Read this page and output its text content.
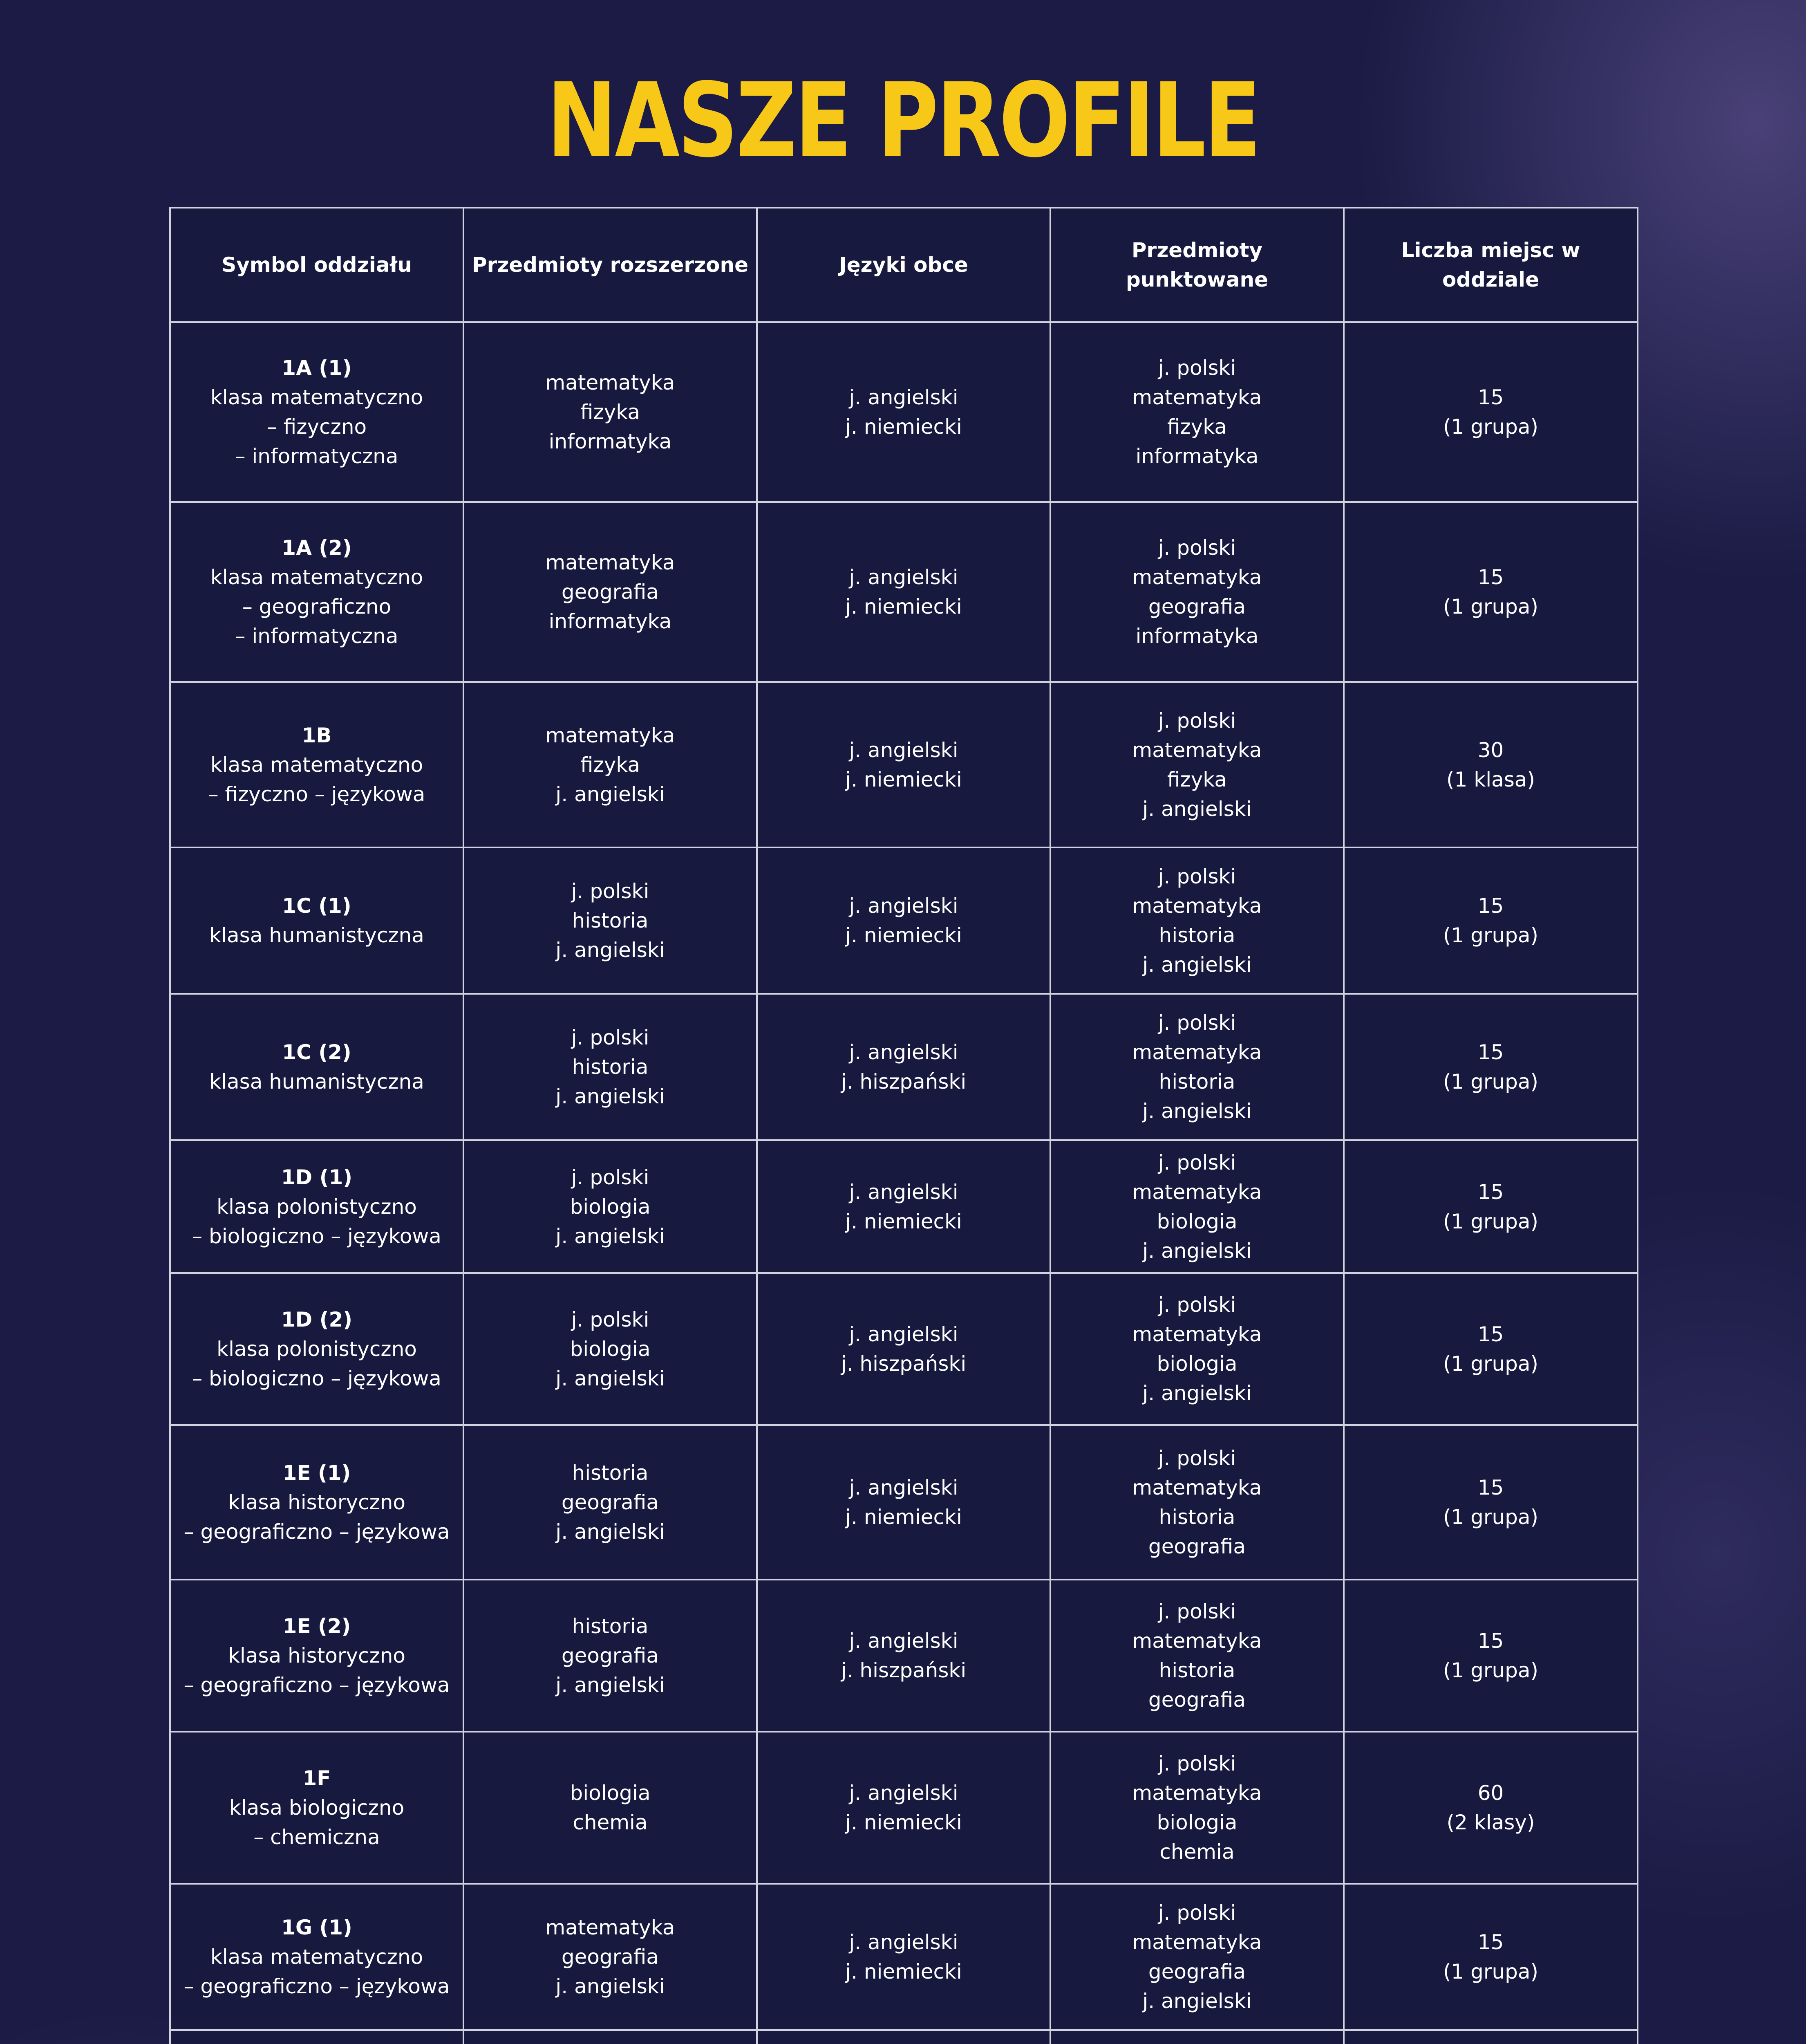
NASZE PROFILE
Symbol oddziału	Przedmioty rozszerzone	Języki obce	Przedmioty punktowane	Liczba miejsc w oddziale

1A (1)
klasa matematyczno
– fizyczno
– informatyczna	matematyka
fizyka
informatyka	j. angielski
j. niemiecki	j. polski
matematyka
fizyka
informatyka	15
(1 grupa)

1A (2)
klasa matematyczno
– geograficzno
– informatyczna	matematyka
geografia
informatyka	j. angielski
j. niemiecki	j. polski
matematyka
geografia
informatyka	15
(1 grupa)

1B
klasa matematyczno
– fizyczno – językowa	matematyka
fizyka
j. angielski	j. angielski
j. niemiecki	j. polski
matematyka
fizyka
j. angielski	30
(1 klasa)

1C (1)
klasa humanistyczna	j. polski
historia
j. angielski	j. angielski
j. niemiecki	j. polski
matematyka
historia
j. angielski	15
(1 grupa)

1C (2)
klasa humanistyczna	j. polski
historia
j. angielski	j. angielski
j. hiszpański	j. polski
matematyka
historia
j. angielski	15
(1 grupa)

1D (1)
klasa polonistyczno
– biologiczno – językowa	j. polski
biologia
j. angielski	j. angielski
j. niemiecki	j. polski
matematyka
biologia
j. angielski	15
(1 grupa)

1D (2)
klasa polonistyczno
– biologiczno – językowa	j. polski
biologia
j. angielski	j. angielski
j. hiszpański	j. polski
matematyka
biologia
j. angielski	15
(1 grupa)

1E (1)
klasa historyczno
– geograficzno – językowa	historia
geografia
j. angielski	j. angielski
j. niemiecki	j. polski
matematyka
historia
geografia	15
(1 grupa)

1E (2)
klasa historyczno
– geograficzno – językowa	historia
geografia
j. angielski	j. angielski
j. hiszpański	j. polski
matematyka
historia
geografia	15
(1 grupa)

1F
klasa biologiczno
– chemiczna	biologia
chemia	j. angielski
j. niemiecki	j. polski
matematyka
biologia
chemia	60
(2 klasy)

1G (1)
klasa matematyczno
– geograficzno – językowa	matematyka
geografia
j. angielski	j. angielski
j. niemiecki	j. polski
matematyka
geografia
j. angielski	15
(1 grupa)
